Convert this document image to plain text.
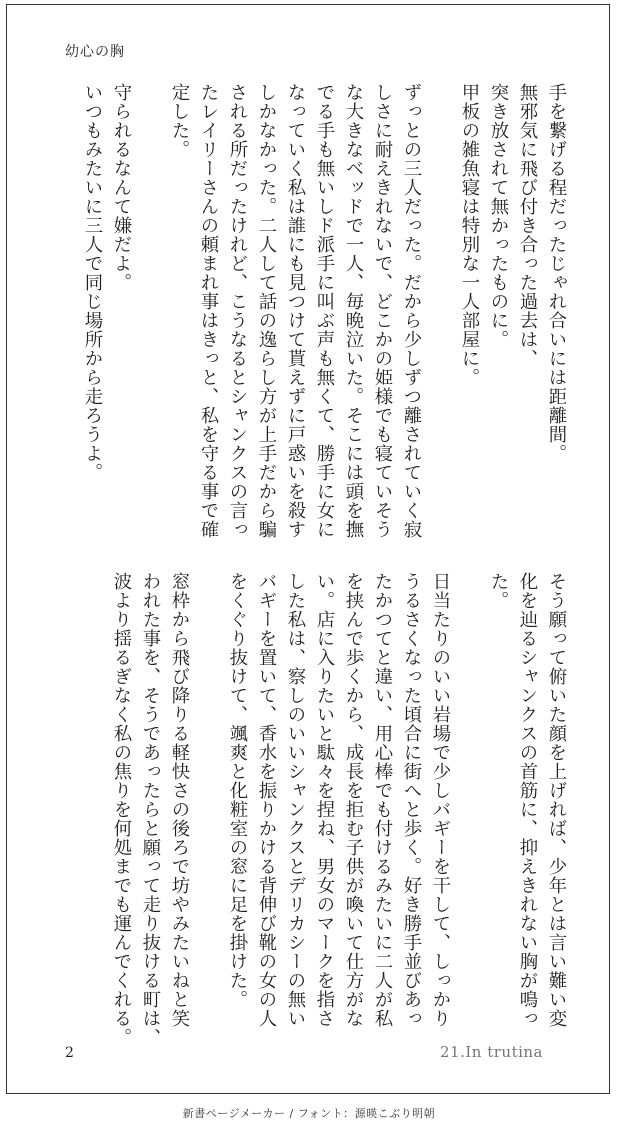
幼心の胸
手を繋げる程だったじゃれ合いには距離間。
無邪気に飛び付き合った過去は、
突き放されて無かったものに。
甲板の雑魚寝は特別な一人部屋に。

ずっとの三人だった。だから少しずつ離されていく寂
しさに耐えきれないで、どこかの姫様でも寝ていそう
な大きなベッドで一人、毎晩泣いた。そこには頭を撫
でる手も無いしド派手に叫ぶ声も無くて、勝手に女に
なっていく私は誰にも見つけて貰えずに戸惑いを殺す
しかなかった。二人して話の逸らし方が上手だから騙
される所だったけれど、こうなるとシャンクスの言っ
たレイリーさんの頼まれ事はきっと、私を守る事で確
定した。

守られるなんて嫌だよ。
いつもみたいに三人で同じ場所から走ろうよ。
そう願って俯いた顔を上げれば、少年とは言い難い変
化を辿るシャンクスの首筋に、抑えきれない胸が鳴っ
た。

日当たりのいい岩場で少しバギーを干して、しっかり
うるさくなった頃合に街へと歩く。好き勝手並びあっ
たかつてと違い、用心棒でも付けるみたいに二人が私
を挟んで歩くから、成長を拒む子供が喚いて仕方がな
い。店に入りたいと駄々を捏ね、男女のマークを指さ
した私は、察しのいいシャンクスとデリカシーの無い
バギーを置いて、香水を振りかける背伸び靴の女の人
をくぐり抜けて、颯爽と化粧室の窓に足を掛けた。

窓枠から飛び降りる軽快さの後ろで坊やみたいねと笑
われた事を、そうであったらと願って走り抜ける町は、
波より揺るぎなく私の焦りを何処までも運んでくれる。
2	21.In trutina
新書ページメーカー / フォント：源暎こぶり明朝
